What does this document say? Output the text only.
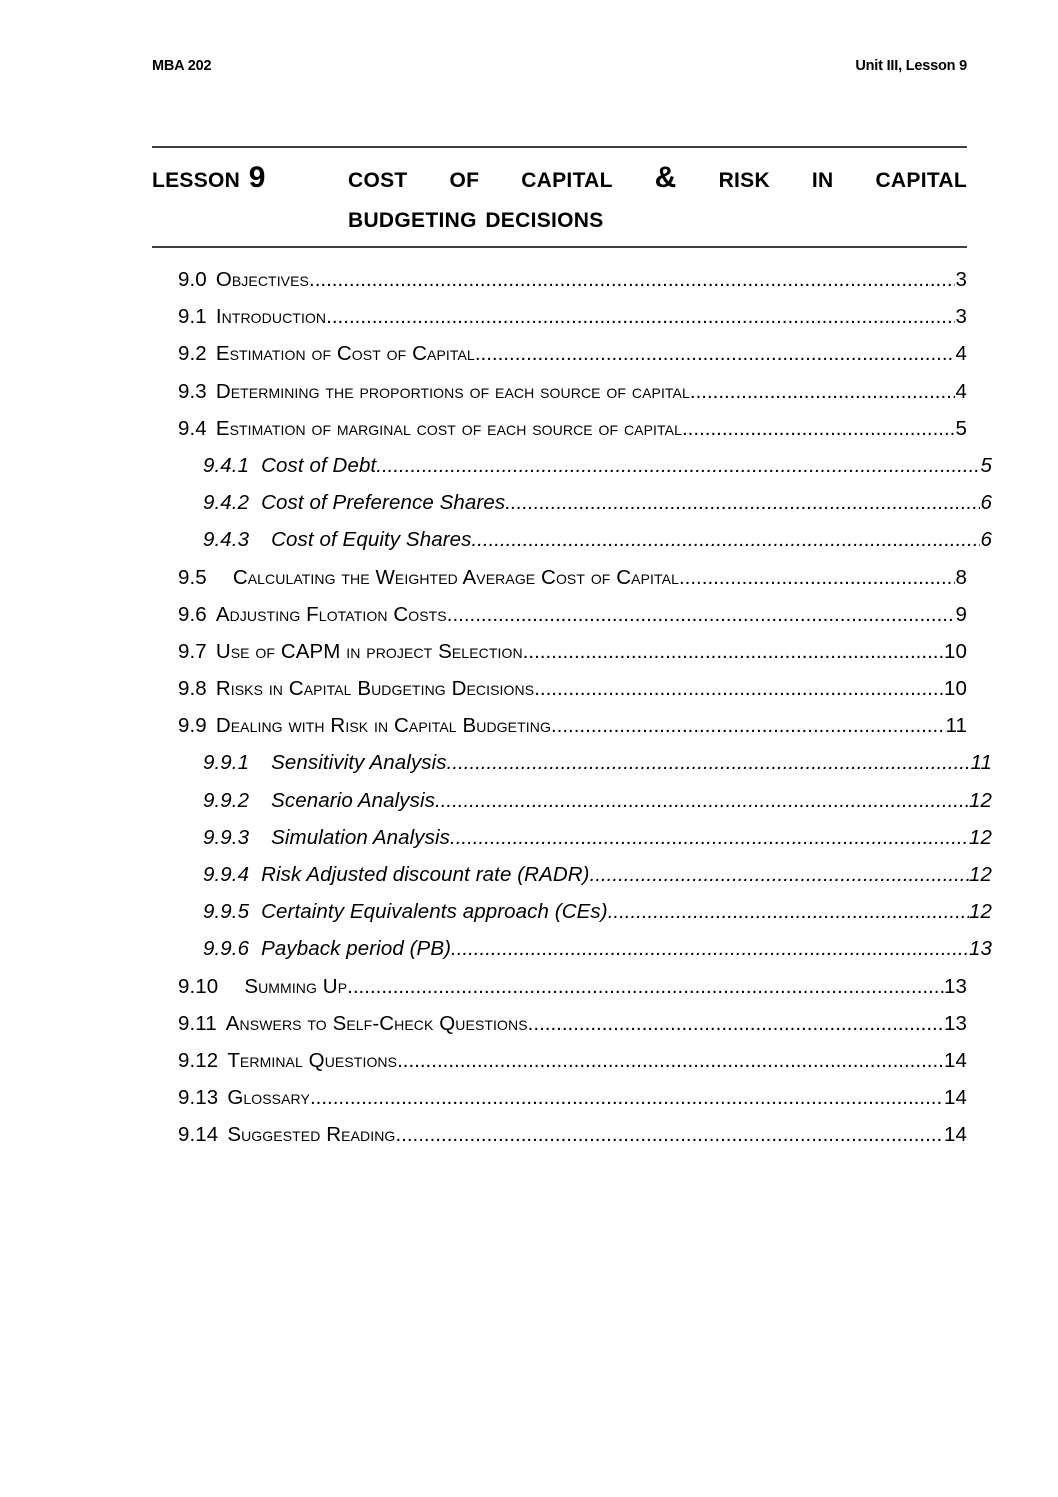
MBA 202	Unit III, Lesson 9
lesson 9	cost of capital & risk in capital
budgeting decisions
9.0 Objectives .....	3
9.1 Introduction .....	3
9.2 Estimation of Cost of Capital .....	4
9.3 Determining the proportions of each source of capital .....	4
9.4 Estimation of marginal cost of each source of capital .....	5
9.4.1 Cost of Debt .....	5
9.4.2 Cost of Preference Shares .....	6
9.4.3	Cost of Equity Shares .....	6
9.5	Calculating the Weighted Average Cost of Capital .....	8
9.6 Adjusting Flotation Costs .....	9
9.7 Use of CAPM in project Selection .....	10
9.8 Risks in Capital Budgeting Decisions .....	10
9.9 Dealing with Risk in Capital Budgeting .....	11
9.9.1	Sensitivity Analysis .....	11
9.9.2	Scenario Analysis .....	12
9.9.3	Simulation Analysis .....	12
9.9.4 Risk Adjusted discount rate (RADR) .....	12
9.9.5 Certainty Equivalents approach (CEs) .....	12
9.9.6 Payback period (PB) .....	13
9.10	Summing Up .....	13
9.11 Answers to Self-Check Questions .....	13
9.12 Terminal Questions .....	14
9.13 Glossary .....	14
9.14 Suggested Reading .....	14
